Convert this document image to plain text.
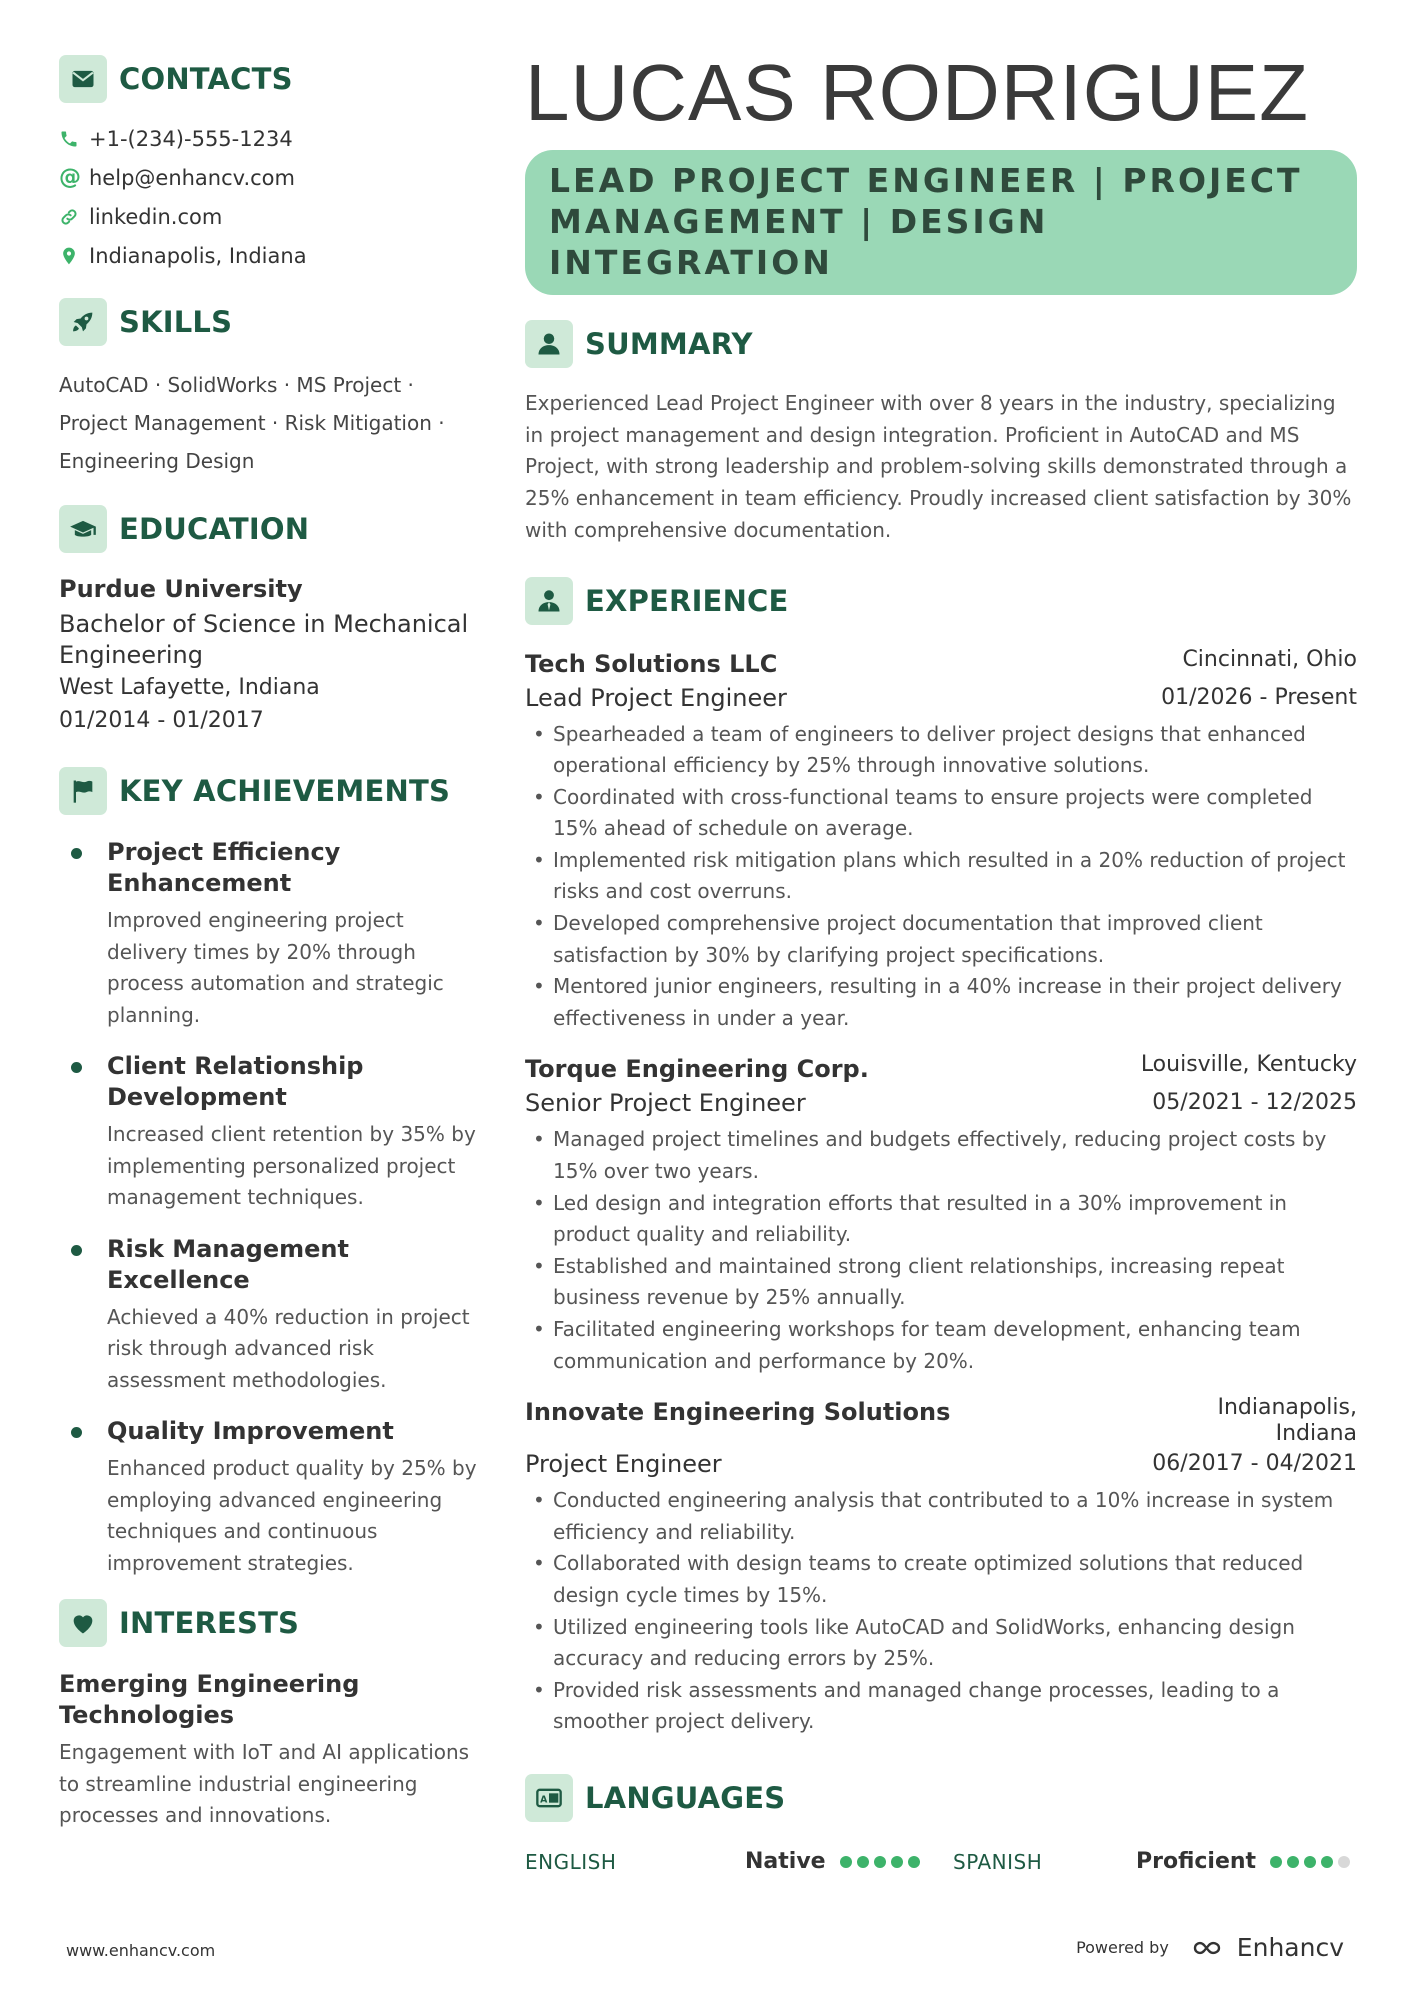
CONTACTS
+1-(234)-555-1234
@ help@enhancv.com
linkedin.com
Indianapolis, Indiana
SKILLS
AutoCAD · SolidWorks · MS Project · Project Management · Risk Mitigation · Engineering Design
EDUCATION
Purdue University
Bachelor of Science in Mechanical Engineering
West Lafayette, Indiana
01/2014 - 01/2017
KEY ACHIEVEMENTS
Project Efficiency Enhancement
Improved engineering project delivery times by 20% through process automation and strategic planning.
Client Relationship Development
Increased client retention by 35% by implementing personalized project management techniques.
Risk Management Excellence
Achieved a 40% reduction in project risk through advanced risk assessment methodologies.
Quality Improvement
Enhanced product quality by 25% by employing advanced engineering techniques and continuous improvement strategies.
INTERESTS
Emerging Engineering Technologies
Engagement with IoT and AI applications to streamline industrial engineering processes and innovations.
LUCAS RODRIGUEZ
LEAD PROJECT ENGINEER | PROJECT MANAGEMENT | DESIGN INTEGRATION
SUMMARY

Experienced Lead Project Engineer with over 8 years in the industry, specializing in project management and design integration. Proficient in AutoCAD and MS Project, with strong leadership and problem-solving skills demonstrated through a 25% enhancement in team efficiency. Proudly increased client satisfaction by 30% with comprehensive documentation.

EXPERIENCE
Tech Solutions LLC	Cincinnati, Ohio
Lead Project Engineer	01/2026 - Present
• Spearheaded a team of engineers to deliver project designs that enhanced operational efficiency by 25% through innovative solutions.
• Coordinated with cross-functional teams to ensure projects were completed 15% ahead of schedule on average.
• Implemented risk mitigation plans which resulted in a 20% reduction of project risks and cost overruns.
• Developed comprehensive project documentation that improved client satisfaction by 30% by clarifying project specifications.
• Mentored junior engineers, resulting in a 40% increase in their project delivery effectiveness in under a year.
Torque Engineering Corp.	Louisville, Kentucky
Senior Project Engineer	05/2021 - 12/2025
• Managed project timelines and budgets effectively, reducing project costs by 15% over two years.
• Led design and integration efforts that resulted in a 30% improvement in product quality and reliability.
• Established and maintained strong client relationships, increasing repeat business revenue by 25% annually.
• Facilitated engineering workshops for team development, enhancing team communication and performance by 20%.
Innovate Engineering Solutions	Indianapolis, Indiana
Project Engineer	06/2017 - 04/2021
• Conducted engineering analysis that contributed to a 10% increase in system efficiency and reliability.
• Collaborated with design teams to create optimized solutions that reduced design cycle times by 15%.
• Utilized engineering tools like AutoCAD and SolidWorks, enhancing design accuracy and reducing errors by 25%.
• Provided risk assessments and managed change processes, leading to a smoother project delivery.
A LANGUAGES
ENGLISH	Native	SPANISH	Proficient
www.enhancv.com	Powered by	Enhancv
